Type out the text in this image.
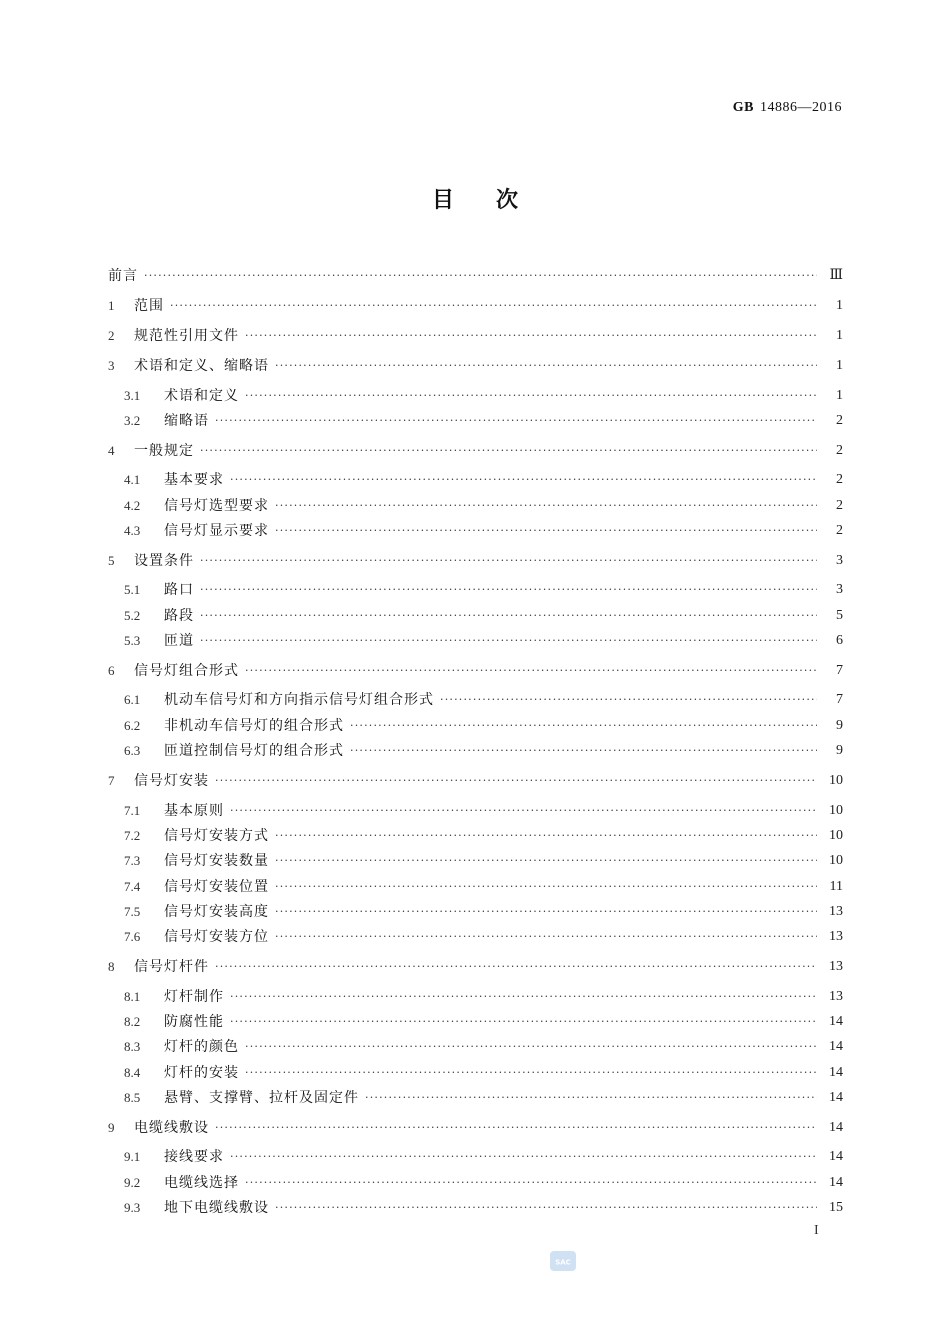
GB 14886—2016
目次
前言 ·····	Ⅲ
1	范围 ·····	1
2	规范性引用文件 ·····	1
3	术语和定义、缩略语 ·····	1
3.1	术语和定义 ·····	1
3.2	缩略语 ·····	2
4	一般规定 ·····	2
4.1	基本要求 ·····	2
4.2	信号灯选型要求 ·····	2
4.3	信号灯显示要求 ·····	2
5	设置条件 ·····	3
5.1	路口 ·····	3
5.2	路段 ·····	5
5.3	匝道 ·····	6
6	信号灯组合形式 ·····	7
6.1	机动车信号灯和方向指示信号灯组合形式 ·····	7
6.2	非机动车信号灯的组合形式 ·····	9
6.3	匝道控制信号灯的组合形式 ·····	9
7	信号灯安装 ·····	10
7.1	基本原则 ·····	10
7.2	信号灯安装方式 ·····	10
7.3	信号灯安装数量 ·····	10
7.4	信号灯安装位置 ·····	11
7.5	信号灯安装高度 ·····	13
7.6	信号灯安装方位 ·····	13
8	信号灯杆件 ·····	13
8.1	灯杆制作 ·····	13
8.2	防腐性能 ·····	14
8.3	灯杆的颜色 ·····	14
8.4	灯杆的安装 ·····	14
8.5	悬臂、支撑臂、拉杆及固定件 ·····	14
9	电缆线敷设 ·····	14
9.1	接线要求 ·····	14
9.2	电缆线选择 ·····	14
9.3	地下电缆线敷设 ·····	15
I
SAC
